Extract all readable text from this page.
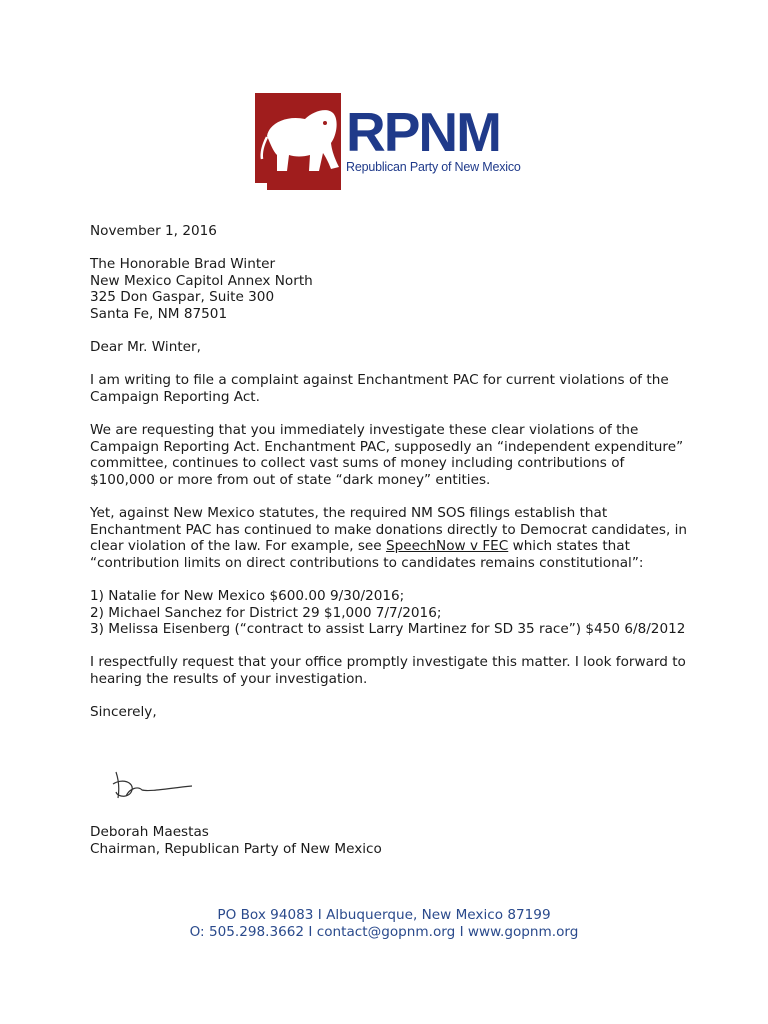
RPNM
Republican Party of New Mexico

November 1, 2016

The Honorable Brad Winter
New Mexico Capitol Annex North
325 Don Gaspar, Suite 300
Santa Fe, NM 87501

Dear Mr. Winter,

I am writing to file a complaint against Enchantment PAC for current violations of the Campaign Reporting Act.

We are requesting that you immediately investigate these clear violations of the Campaign Reporting Act. Enchantment PAC, supposedly an “independent expenditure” committee, continues to collect vast sums of money including contributions of $100,000 or more from out of state “dark money” entities.

Yet, against New Mexico statutes, the required NM SOS filings establish that Enchantment PAC has continued to make donations directly to Democrat candidates, in clear violation of the law. For example, see SpeechNow v FEC which states that “contribution limits on direct contributions to candidates remains constitutional”:

1) Natalie for New Mexico $600.00 9/30/2016;
2) Michael Sanchez for District 29 $1,000 7/7/2016;
3) Melissa Eisenberg (“contract to assist Larry Martinez for SD 35 race”) $450 6/8/2012

I respectfully request that your office promptly investigate this matter. I look forward to hearing the results of your investigation.

Sincerely,

Deborah Maestas
Chairman, Republican Party of New Mexico
PO Box 94083 I Albuquerque, New Mexico 87199
O: 505.298.3662 I contact@gopnm.org I www.gopnm.org
